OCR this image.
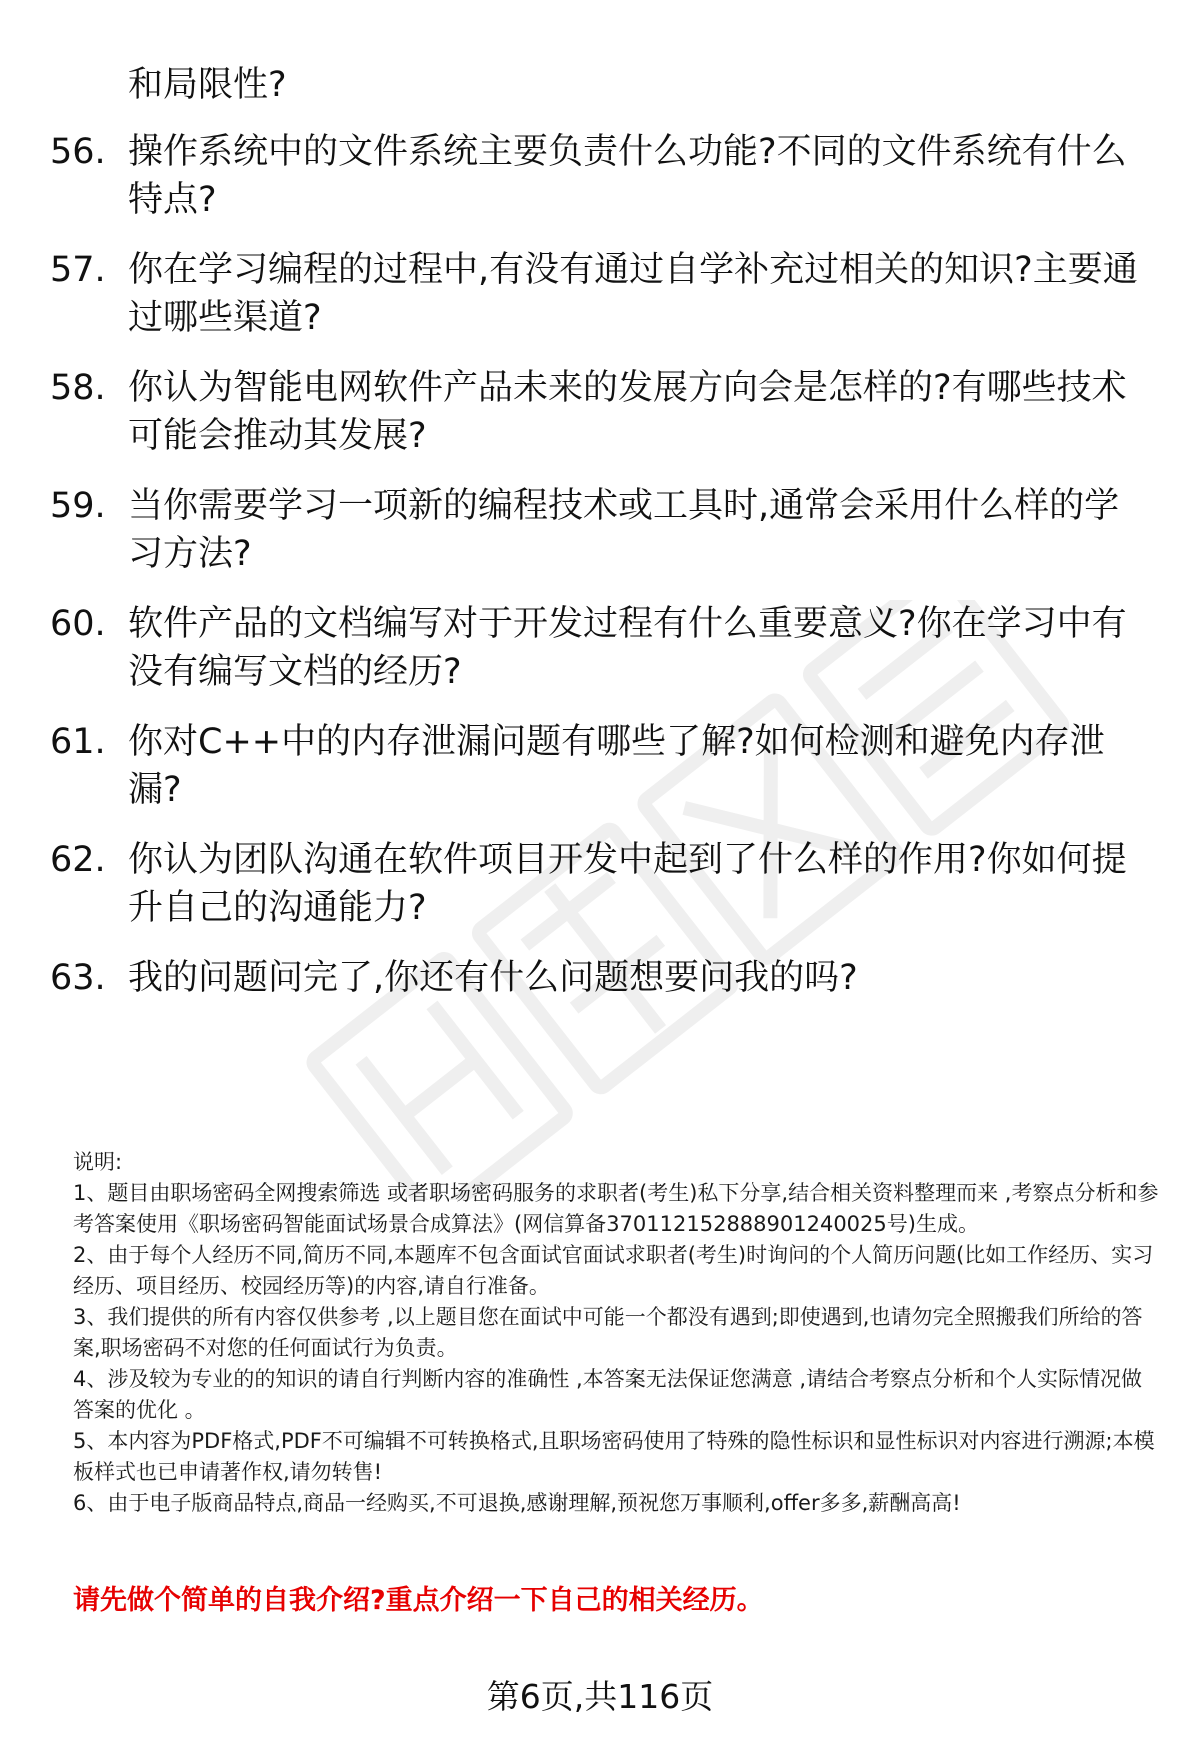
和局限性?

56. 操作系统中的文件系统主要负责什么功能?不同的文件系统有什么特点?
57. 你在学习编程的过程中,有没有通过自学补充过相关的知识?主要通过哪些渠道?
58. 你认为智能电网软件产品未来的发展方向会是怎样的?有哪些技术可能会推动其发展?
59. 当你需要学习一项新的编程技术或工具时,通常会采用什么样的学习方法?
60. 软件产品的文档编写对于开发过程有什么重要意义?你在学习中有没有编写文档的经历?
61. 你对C++中的内存泄漏问题有哪些了解?如何检测和避免内存泄漏?
62. 你认为团队沟通在软件项目开发中起到了什么样的作用?你如何提升自己的沟通能力?
63. 我的问题问完了,你还有什么问题想要问我的吗?

说明:

1、题目由职场密码全网搜索筛选 或者职场密码服务的求职者(考生)私下分享,结合相关资料整理而来 ,考察点分析和参考答案使用《职场密码智能面试场景合成算法》(网信算备370112152888901240025号)生成。

2、由于每个人经历不同,简历不同,本题库不包含面试官面试求职者(考生)时询问的个人简历问题(比如工作经历、实习经历、项目经历、校园经历等)的内容,请自行准备。

3、我们提供的所有内容仅供参考 ,以上题目您在面试中可能一个都没有遇到;即使遇到,也请勿完全照搬我们所给的答案,职场密码不对您的任何面试行为负责。

4、涉及较为专业的的知识的请自行判断内容的准确性 ,本答案无法保证您满意 ,请结合考察点分析和个人实际情况做答案的优化 。

5、本内容为PDF格式,PDF不可编辑不可转换格式,且职场密码使用了特殊的隐性标识和显性标识对内容进行溯源;本模板样式也已申请著作权,请勿转售!

6、由于电子版商品特点,商品一经购买,不可退换,感谢理解,预祝您万事顺利,offer多多,薪酬高高!

请先做个简单的自我介绍?重点介绍一下自己的相关经历。
第6页,共116页
